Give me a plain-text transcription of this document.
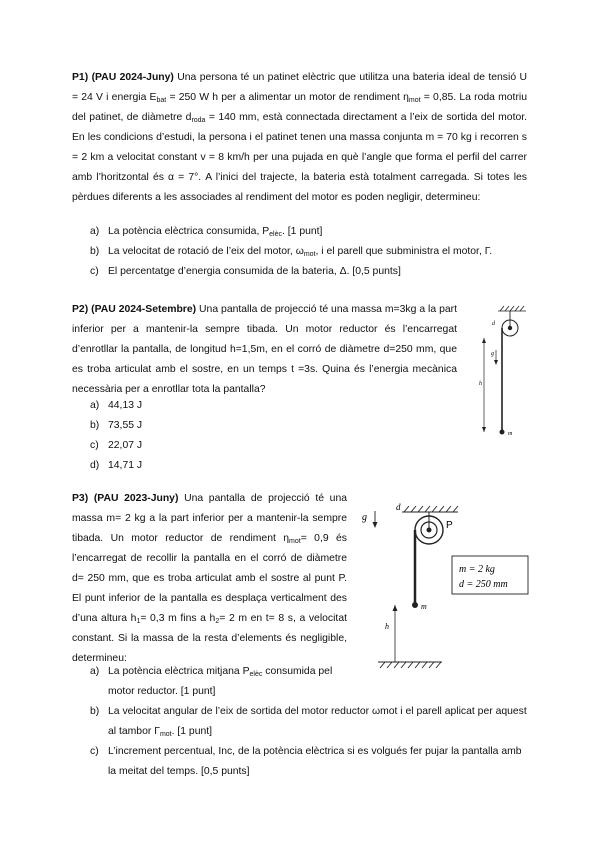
P1) (PAU 2024-Juny) Una persona té un patinet elèctric que utilitza una bateria ideal de tensió U = 24 V i energia $E_{bat} = 250$ W h per a alimentar un motor de rendiment $\eta_{mot} = 0,85$. La roda motriu del patinet, de diàmetre $d_{roda} = 140$ mm, està connectada directament a l’eix de sortida del motor. En les condicions d’estudi, la persona i el patinet tenen una massa conjunta m = 70 kg i recorren s = 2 km a velocitat constant v = 8 km/h per una pujada en què l’angle que forma el perfil del carrer amb l’horitzontal és α = 7°. A l’inici del trajecte, la bateria està totalment carregada. Si totes les pèrdues diferents a les associades al rendiment del motor es poden negligir, determineu:
a) La potència elèctrica consumida, $P_{elèc}$. [1 punt]
b) La velocitat de rotació de l’eix del motor, $\omega_{mot}$, i el parell que subministra el motor, Γ.
c) El percentatge d’energia consumida de la bateria, Δ. [0,5 punts]
P2) (PAU 2024-Setembre) Una pantalla de projecció té una massa m=3kg a la part inferior per a mantenir-la sempre tibada. Un motor reductor és l’encarregat d’enrotllar la pantalla, de longitud h=1,5m, en el corró de diàmetre d=250 mm, que es troba articulat amb el sostre, en un temps t =3s. Quina és l’energia mecànica necessària per a enrotllar tota la pantalla?
a) 44,13 J
b) 73,55 J
c) 22,07 J
d) 14,71 J
m
d
h
g
P3) (PAU 2023-Juny) Una pantalla de projecció té una massa m= 2 kg a la part inferior per a mantenir-la sempre tibada. Un motor reductor de rendiment $\eta_{mot}= 0,9$ és l’encarregat de recollir la pantalla en el corró de diàmetre d= 250 mm, que es troba articulat amb el sostre al punt P. El punt inferior de la pantalla es desplaça verticalment des d’una altura $h_1= 0,3$ m fins a $h_2= 2$ m en t= 8 s, a velocitat constant. Si la massa de la resta d’elements és negligible, determineu:
a) La potència elèctrica mitjana $P_{elèc}$ consumida pel motor reductor. [1 punt]
b) La velocitat angular de l’eix de sortida del motor reductor ωmot i el parell aplicat per aquest al tambor $\Gamma_{mot}$. [1 punt]
c) L’increment percentual, Inc, de la potència elèctrica si es volgués fer pujar la pantalla amb la meitat del temps. [0,5 punts]
P
d
m
g
h
m = 2 kg
d = 250 mm
